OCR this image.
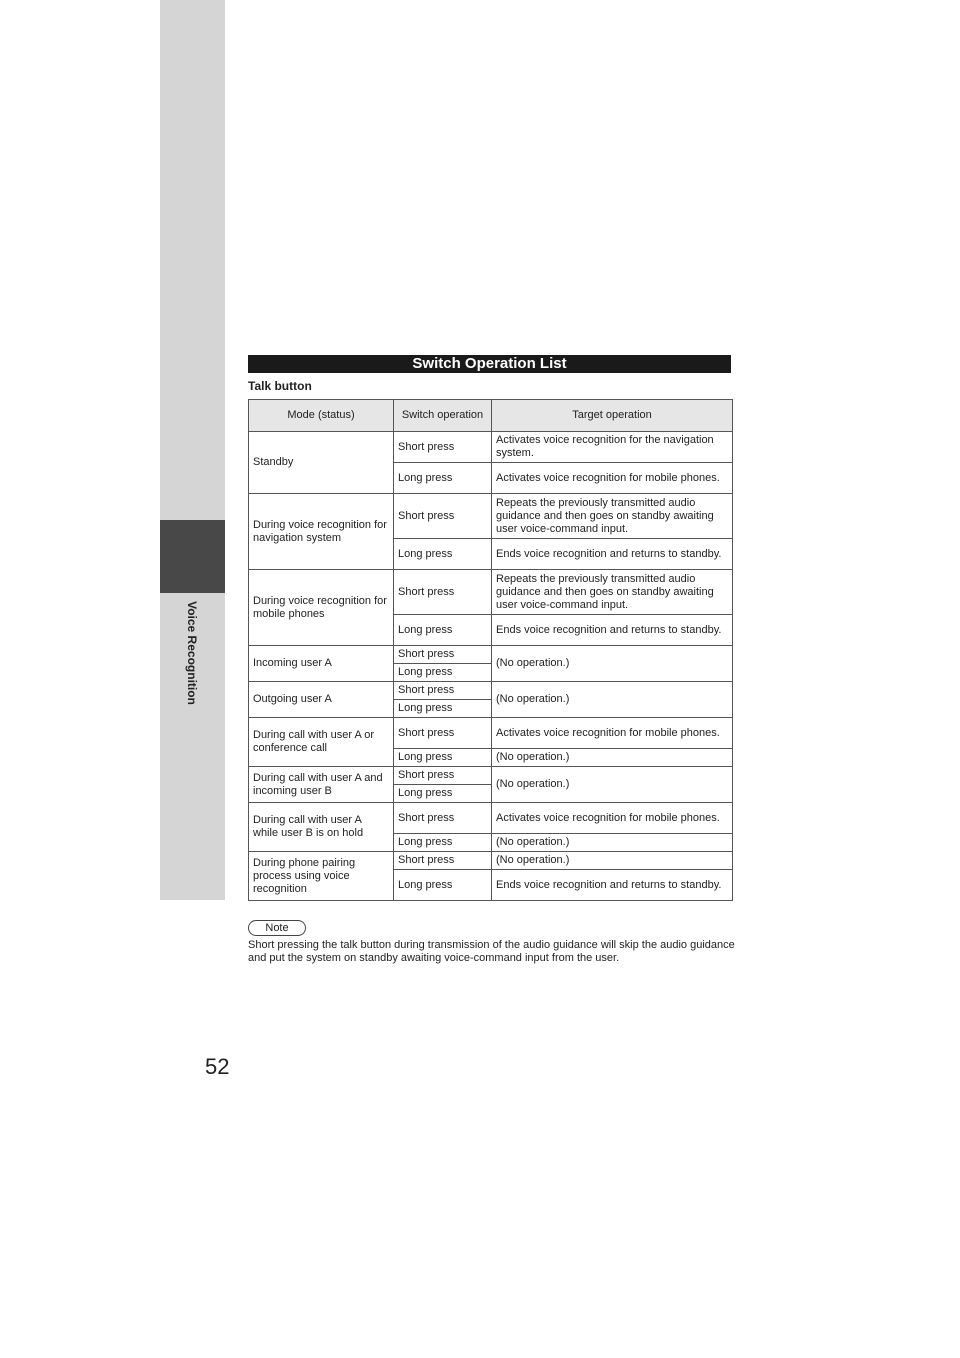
Voice Recognition
Switch Operation List
Talk button
Mode (status)	Switch operation	Target operation
Standby	Short press	Activates voice recognition for the navigation system.
	Long press	Activates voice recognition for mobile phones.
During voice recognition for navigation system	Short press	Repeats the previously transmitted audio guidance and then goes on standby awaiting user voice-command input.
	Long press	Ends voice recognition and returns to standby.
During voice recognition for mobile phones	Short press	Repeats the previously transmitted audio guidance and then goes on standby awaiting user voice-command input.
	Long press	Ends voice recognition and returns to standby.
Incoming user A	Short press	(No operation.)
	Long press	
Outgoing user A	Short press	(No operation.)
	Long press	
During call with user A or conference call	Short press	Activates voice recognition for mobile phones.
	Long press	(No operation.)
During call with user A and incoming user B	Short press	(No operation.)
	Long press	
During call with user A while user B is on hold	Short press	Activates voice recognition for mobile phones.
	Long press	(No operation.)
During phone pairing process using voice recognition	Short press	(No operation.)
	Long press	Ends voice recognition and returns to standby.
Note
Short pressing the talk button during transmission of the audio guidance will skip the audio guidance and put the system on standby awaiting voice-command input from the user.
52
